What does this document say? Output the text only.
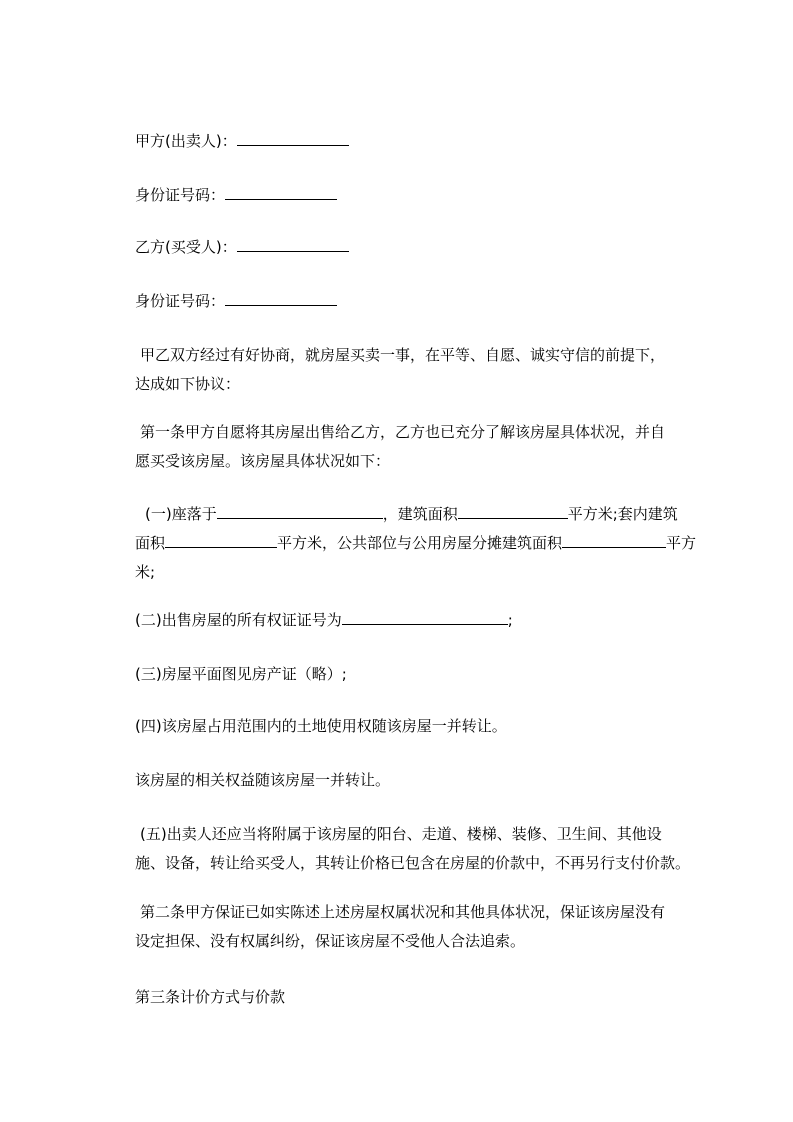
甲方(出卖人)：

身份证号码：

乙方(买受人)：

身份证号码：

甲乙双方经过有好协商，就房屋买卖一事，在平等、自愿、诚实守信的前提下，
达成如下协议：
第一条甲方自愿将其房屋出售给乙方，乙方也已充分了解该房屋具体状况，并自
愿买受该房屋。该房屋具体状况如下：
(一)座落于	，建筑面积	平方米;套内建筑
面积	平方米，公共部位与公用房屋分摊建筑面积	平方
米;

(二)出售房屋的所有权证证号为	;

(三)房屋平面图见房产证（略）;

(四)该房屋占用范围内的土地使用权随该房屋一并转让。

该房屋的相关权益随该房屋一并转让。

(五)出卖人还应当将附属于该房屋的阳台、走道、楼梯、装修、卫生间、其他设
施、设备，转让给买受人，其转让价格已包含在房屋的价款中，不再另行支付价款。
第二条甲方保证已如实陈述上述房屋权属状况和其他具体状况，保证该房屋没有
设定担保、没有权属纠纷，保证该房屋不受他人合法追索。

第三条计价方式与价款
